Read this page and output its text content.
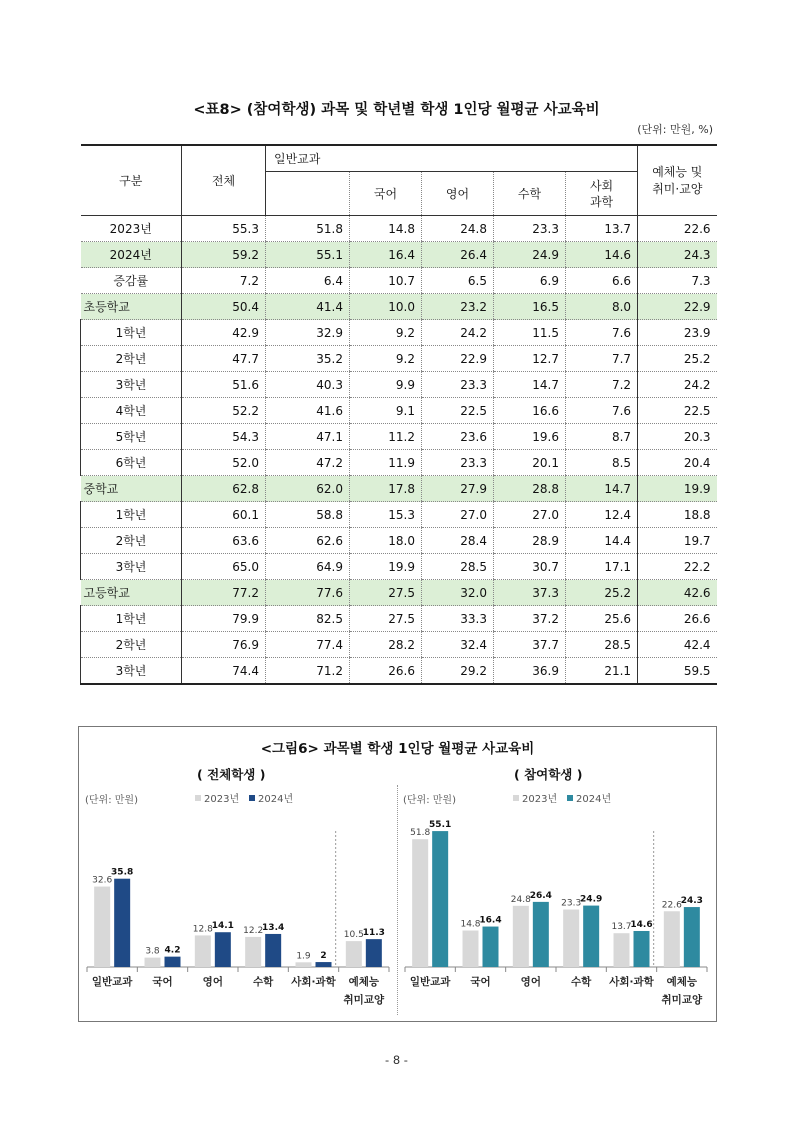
<표8> (참여학생) 과목 및 학년별 학생 1인당 월평균 사교육비
(단위: 만원, %)
구분	전체	일반교과					예체능 및
취미·교양
			국어	영어	수학	사회
과학	
2023년	55.3	51.8	14.8	24.8	23.3	13.7	22.6
2024년	59.2	55.1	16.4	26.4	24.9	14.6	24.3
증감률	7.2	6.4	10.7	6.5	6.9	6.6	7.3
초등학교	50.4	41.4	10.0	23.2	16.5	8.0	22.9
1학년	42.9	32.9	9.2	24.2	11.5	7.6	23.9
2학년	47.7	35.2	9.2	22.9	12.7	7.7	25.2
3학년	51.6	40.3	9.9	23.3	14.7	7.2	24.2
4학년	52.2	41.6	9.1	22.5	16.6	7.6	22.5
5학년	54.3	47.1	11.2	23.6	19.6	8.7	20.3
6학년	52.0	47.2	11.9	23.3	20.1	8.5	20.4
중학교	62.8	62.0	17.8	27.9	28.8	14.7	19.9
1학년	60.1	58.8	15.3	27.0	27.0	12.4	18.8
2학년	63.6	62.6	18.0	28.4	28.9	14.4	19.7
3학년	65.0	64.9	19.9	28.5	30.7	17.1	22.2
고등학교	77.2	77.6	27.5	32.0	37.3	25.2	42.6
1학년	79.9	82.5	27.5	33.3	37.2	25.6	26.6
2학년	76.9	77.4	28.2	32.4	37.7	28.5	42.4
3학년	74.4	71.2	26.6	29.2	36.9	21.1	59.5
<그림6> 과목별 학생 1인당 월평균 사교육비
( 전체학생 )	( 참여학생 )
(단위: 만원)	2023년 2024년
32.6
35.8
일반교과
3.8 4.2
국어
12.8
14.1
영어
12.2
13.4
수학
1.9 2
사회·과학
10.5
11.3
예체능
취미교양
(단위: 만원)	2023년 2024년
51.8
55.1
일반교과
14.8
16.4
국어
24.8
26.4
영어
23.3
24.9
수학
13.7
14.6
사회·과학
22.6
24.3
예체능
취미교양
- 8 -
